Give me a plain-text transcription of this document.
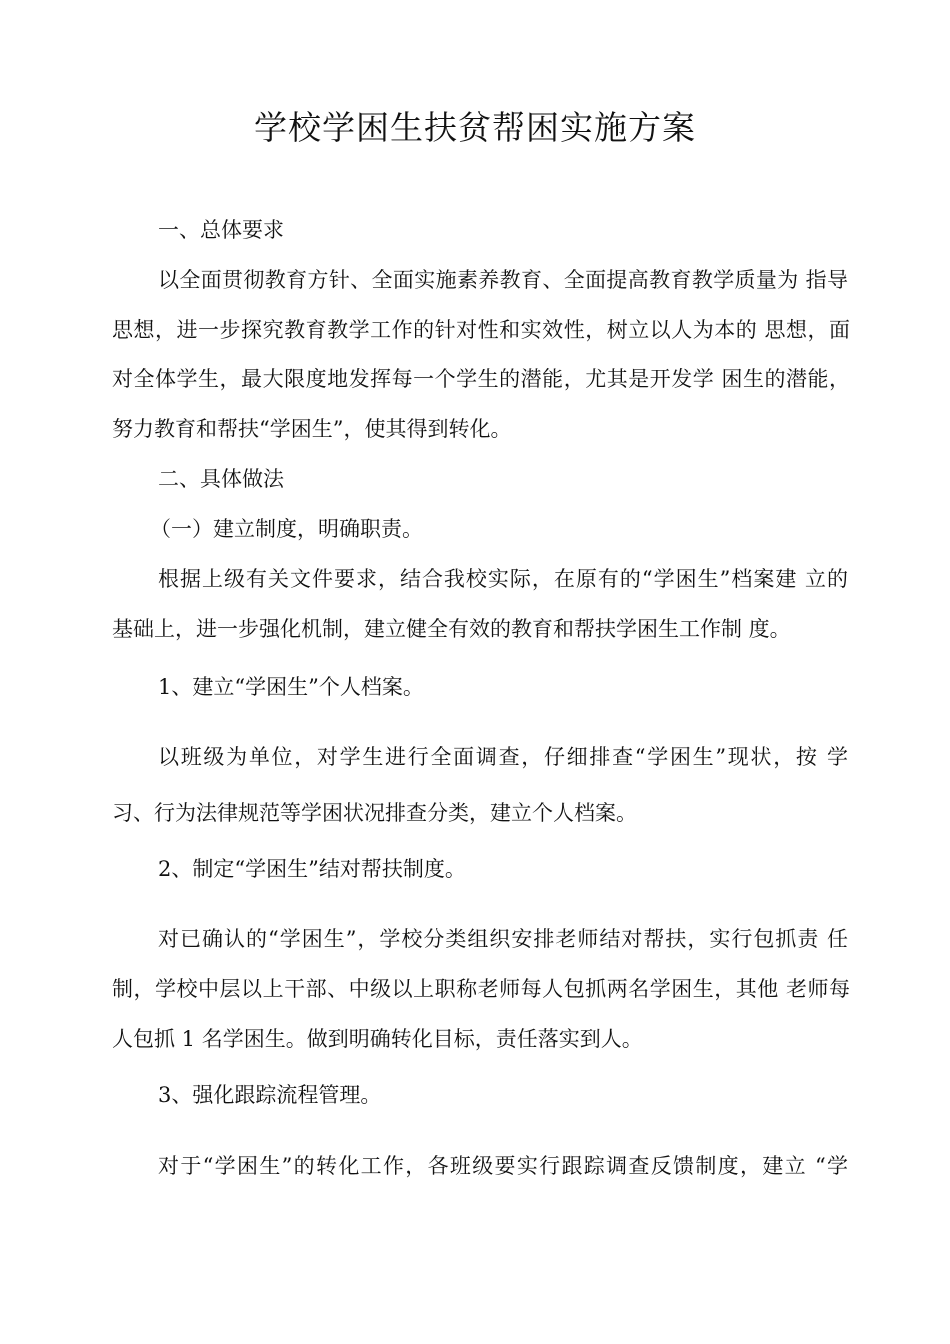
学校学困生扶贫帮困实施方案
一、总体要求
以全面贯彻教育方针、全面实施素养教育、全面提高教育教学质量为 指导
思想，进一步探究教育教学工作的针对性和实效性，树立以人为本的 思想，面
对全体学生，最大限度地发挥每一个学生的潜能，尤其是开发学 困生的潜能，
努力教育和帮扶“学困生”，使其得到转化。
二、具体做法
（一）建立制度，明确职责。
根据上级有关文件要求，结合我校实际，在原有的“学困生”档案建 立的
基础上，进一步强化机制，建立健全有效的教育和帮扶学困生工作制 度。
1、建立“学困生”个人档案。
以班级为单位，对学生进行全面调查，仔细排查“学困生”现状，按 学
习、行为法律规范等学困状况排查分类，建立个人档案。
2、制定“学困生”结对帮扶制度。
对已确认的“学困生”，学校分类组织安排老师结对帮扶，实行包抓责 任
制，学校中层以上干部、中级以上职称老师每人包抓两名学困生，其他 老师每
人包抓 1 名学困生。做到明确转化目标，责任落实到人。
3、强化跟踪流程管理。
对于“学困生”的转化工作，各班级要实行跟踪调查反馈制度，建立 “学
